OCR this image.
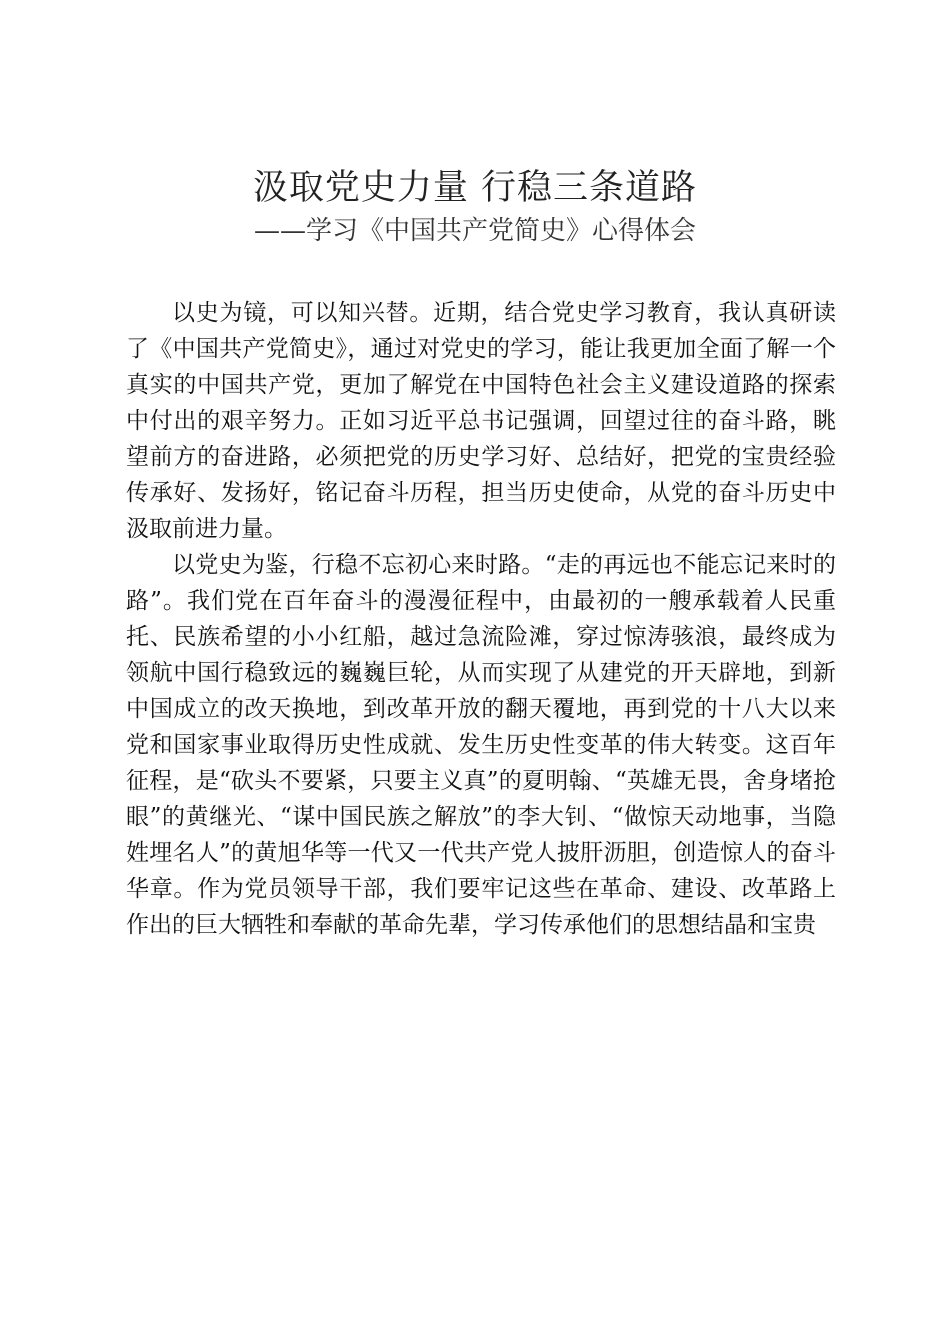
汲取党史力量 行稳三条道路
——学习《中国共产党简史》心得体会

以史为镜，可以知兴替。近期，结合党史学习教育，我认真研读了《中国共产党简史》，通过对党史的学习，能让我更加全面了解一个真实的中国共产党，更加了解党在中国特色社会主义建设道路的探索中付出的艰辛努力。正如习近平总书记强调，回望过往的奋斗路，眺望前方的奋进路，必须把党的历史学习好、总结好，把党的宝贵经验传承好、发扬好，铭记奋斗历程，担当历史使命，从党的奋斗历史中汲取前进力量。

以党史为鉴，行稳不忘初心来时路。“走的再远也不能忘记来时的路”。我们党在百年奋斗的漫漫征程中，由最初的一艘承载着人民重托、民族希望的小小红船，越过急流险滩，穿过惊涛骇浪，最终成为领航中国行稳致远的巍巍巨轮，从而实现了从建党的开天辟地，到新中国成立的改天换地，到改革开放的翻天覆地，再到党的十八大以来党和国家事业取得历史性成就、发生历史性变革的伟大转变。这百年征程，是“砍头不要紧，只要主义真”的夏明翰、“英雄无畏，舍身堵抢眼”的黄继光、“谋中国民族之解放”的李大钊、“做惊天动地事，当隐姓埋名人”的黄旭华等一代又一代共产党人披肝沥胆，创造惊人的奋斗华章。作为党员领导干部，我们要牢记这些在革命、建设、改革路上作出的巨大牺牲和奉献的革命先辈，学习传承他们的思想结晶和宝贵
